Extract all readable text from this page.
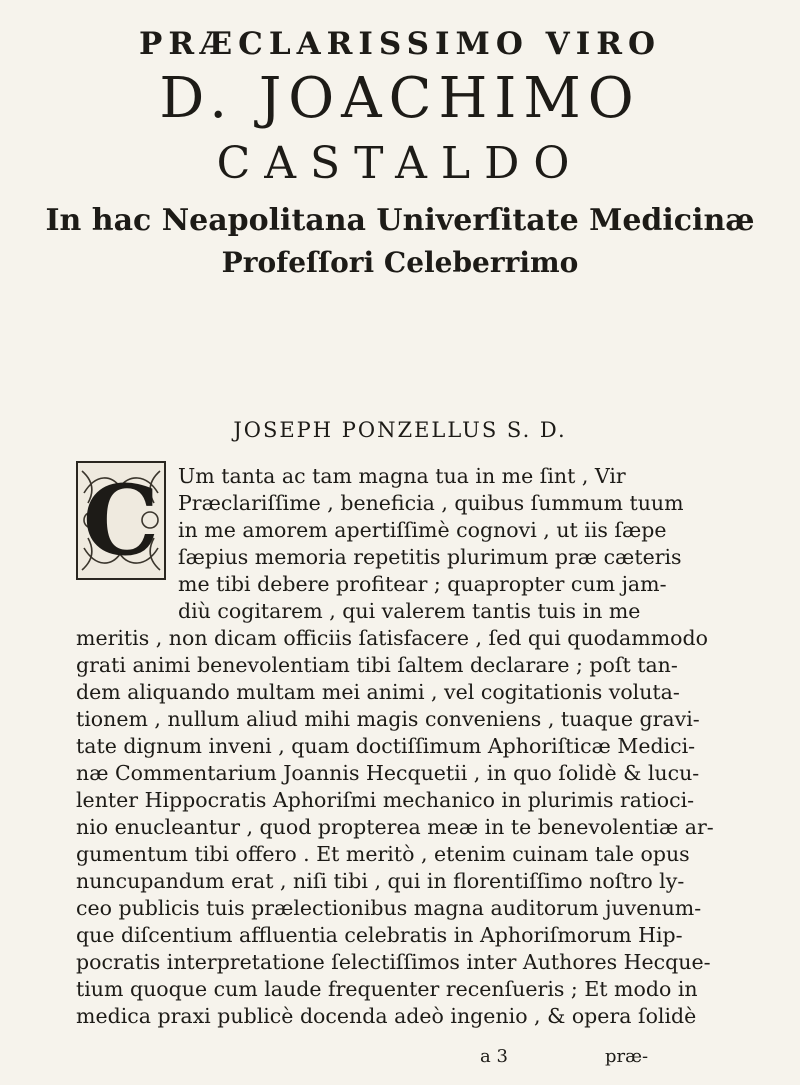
PRÆCLARISSIMO VIRO
D. JOACHIMO
CASTALDO
In hac Neapolitana Univerſitate Medicinæ
Profeſſori Celeberrimo
JOSEPH PONZELLUS S. D.
C Um tanta ac tam magna tua in me ſint , Vir
Præclariſſime , beneficia , quibus ſummum tuum
in me amorem apertiſſimè cognovi , ut iis ſæpe
ſæpius memoria repetitis plurimum præ cæteris
me tibi debere profitear ; quapropter cum jam-
diù cogitarem , qui valerem tantis tuis in me
meritis , non dicam officiis ſatisfacere , ſed qui quodammodo
grati animi benevolentiam tibi ſaltem declarare ; poſt tan-
dem aliquando multam mei animi , vel cogitationis voluta-
tionem , nullum aliud mihi magis conveniens , tuaque gravi-
tate dignum inveni , quam doctiſſimum Aphoriſticæ Medici-
næ Commentarium Joannis Hecquetii , in quo ſolidè & lucu-
lenter Hippocratis Aphoriſmi mechanico in plurimis ratioci-
nio enucleantur , quod propterea meæ in te benevolentiæ ar-
gumentum tibi offero . Et meritò , etenim cuinam tale opus
nuncupandum erat , niſi tibi , qui in florentiſſimo noſtro ly-
ceo publicis tuis prælectionibus magna auditorum juvenum-
que diſcentium affluentia celebratis in Aphoriſmorum Hip-
pocratis interpretatione ſelectiſſimos inter Authores Hecque-
tium quoque cum laude frequenter recenſueris ; Et modo in
medica praxi publicè docenda adeò ingenio , & opera ſolidè
a 3	præ-
